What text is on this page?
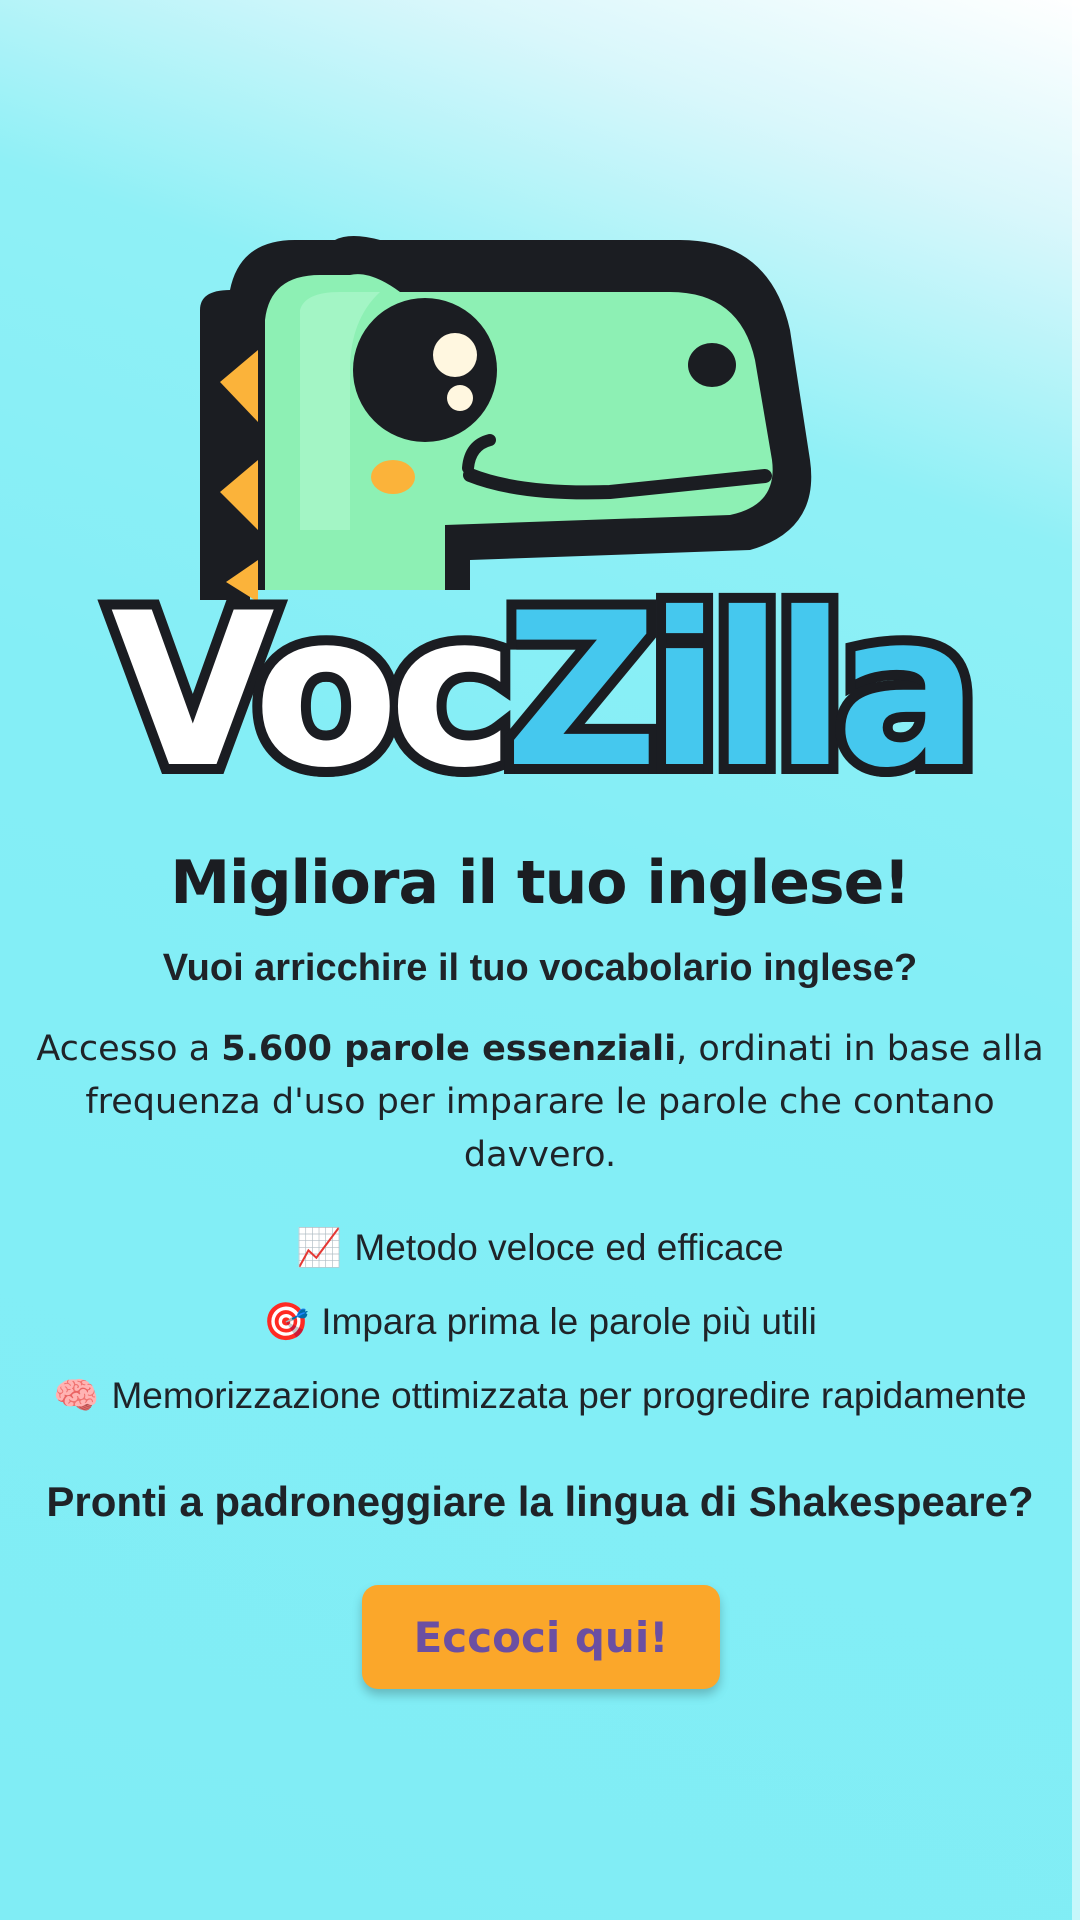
VocZilla
Migliora il tuo inglese!
Vuoi arricchire il tuo vocabolario inglese?
Accesso a 5.600 parole essenziali, ordinati in base alla frequenza d'uso per imparare le parole che contano davvero.
📈 Metodo veloce ed efficace
🎯 Impara prima le parole più utili
🧠 Memorizzazione ottimizzata per progredire rapidamente
Pronti a padroneggiare la lingua di Shakespeare?
Eccoci qui!
